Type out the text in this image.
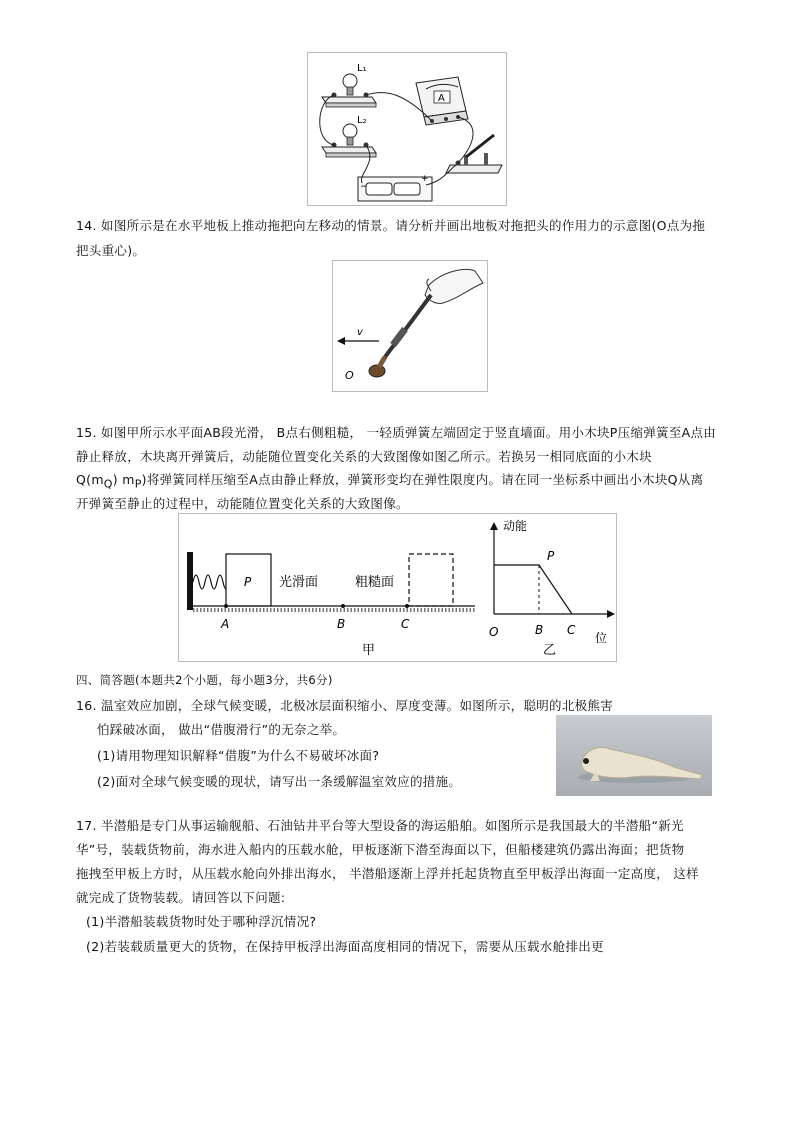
L₁
L₂
A
−
+
14. 如图所示是在水平地板上推动拖把向左移动的情景。请分析并画出地板对拖把头的作用力的示意图(O点为拖
把头重心)。
v
O
15. 如图甲所示水平面AB段光滑， B点右侧粗糙， 一轻质弹簧左端固定于竖直墙面。用小木块P压缩弹簧至A点由
静止释放，木块离开弹簧后，动能随位置变化关系的大致图像如图乙所示。若换另一相同底面的小木块
$Q(m_Q)$ $m_P$)将弹簧同样压缩至A点由静止释放，弹簧形变均在弹性限度内。请在同一坐标系中画出小木块Q从离
开弹簧至静止的过程中，动能随位置变化关系的大致图像。
P 光滑面	粗糙面
A	B	C
甲
动能
位
O
P
B C
乙
四、简答题(本题共2个小题，每小题3分，共6分)
16. 温室效应加剧，全球气候变暖，北极冰层面积缩小、厚度变薄。如图所示，聪明的北极熊害
怕踩破冰面， 做出“借腹滑行”的无奈之举。
(1)请用物理知识解释“借腹”为什么不易破坏冰面?
(2)面对全球气候变暖的现状，请写出一条缓解温室效应的措施。
17. 半潜船是专门从事运输舰船、石油钻井平台等大型设备的海运船舶。如图所示是我国最大的半潜船“新光
华”号，装载货物前，海水进入船内的压载水舱，甲板逐渐下潜至海面以下，但船楼建筑仍露出海面；把货物
拖拽至甲板上方时，从压载水舱向外排出海水， 半潜船逐渐上浮并托起货物直至甲板浮出海面一定高度， 这样
就完成了货物装载。请回答以下问题:
(1)半潜船装载货物时处于哪种浮沉情况?
(2)若装载质量更大的货物，在保持甲板浮出海面高度相同的情况下，需要从压载水舱排出更
